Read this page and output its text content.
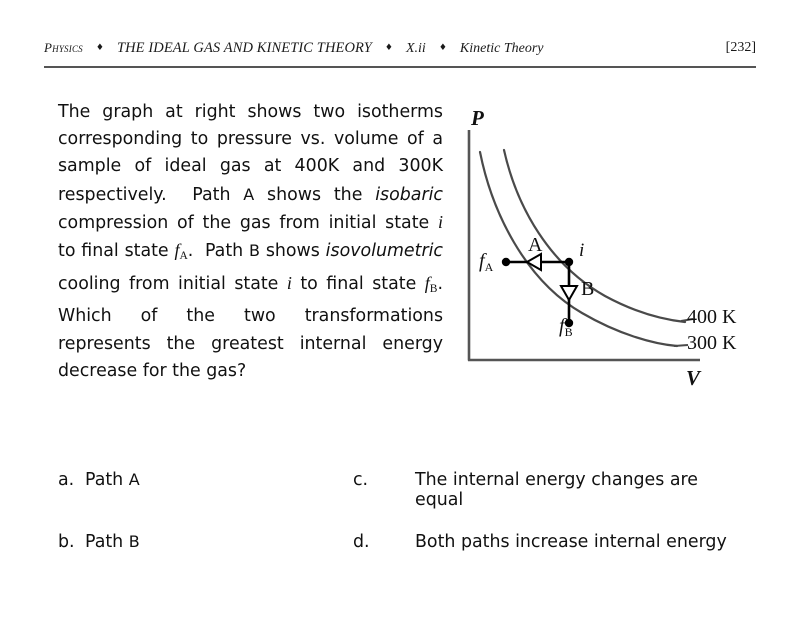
Physics ♦ THE IDEAL GAS AND KINETIC THEORY ♦ X.ii ♦ Kinetic Theory	[232]
The graph at right shows two isotherms corresponding to pressure vs. volume of a sample of ideal gas at 400K and 300K respectively.  Path A shows the isobaric compression of the gas from initial state i to final state $f_A$.  Path B shows isovolumetric cooling from initial state i to final state $f_B$. Which of the two transformations represents the greatest internal energy decrease for the gas?
P
V
$f_A$
$f_B$
i
A
B
400 K
300 K
a. Path A	c.	The internal energy changes are equal
b. Path B	d.	Both paths increase internal energy
